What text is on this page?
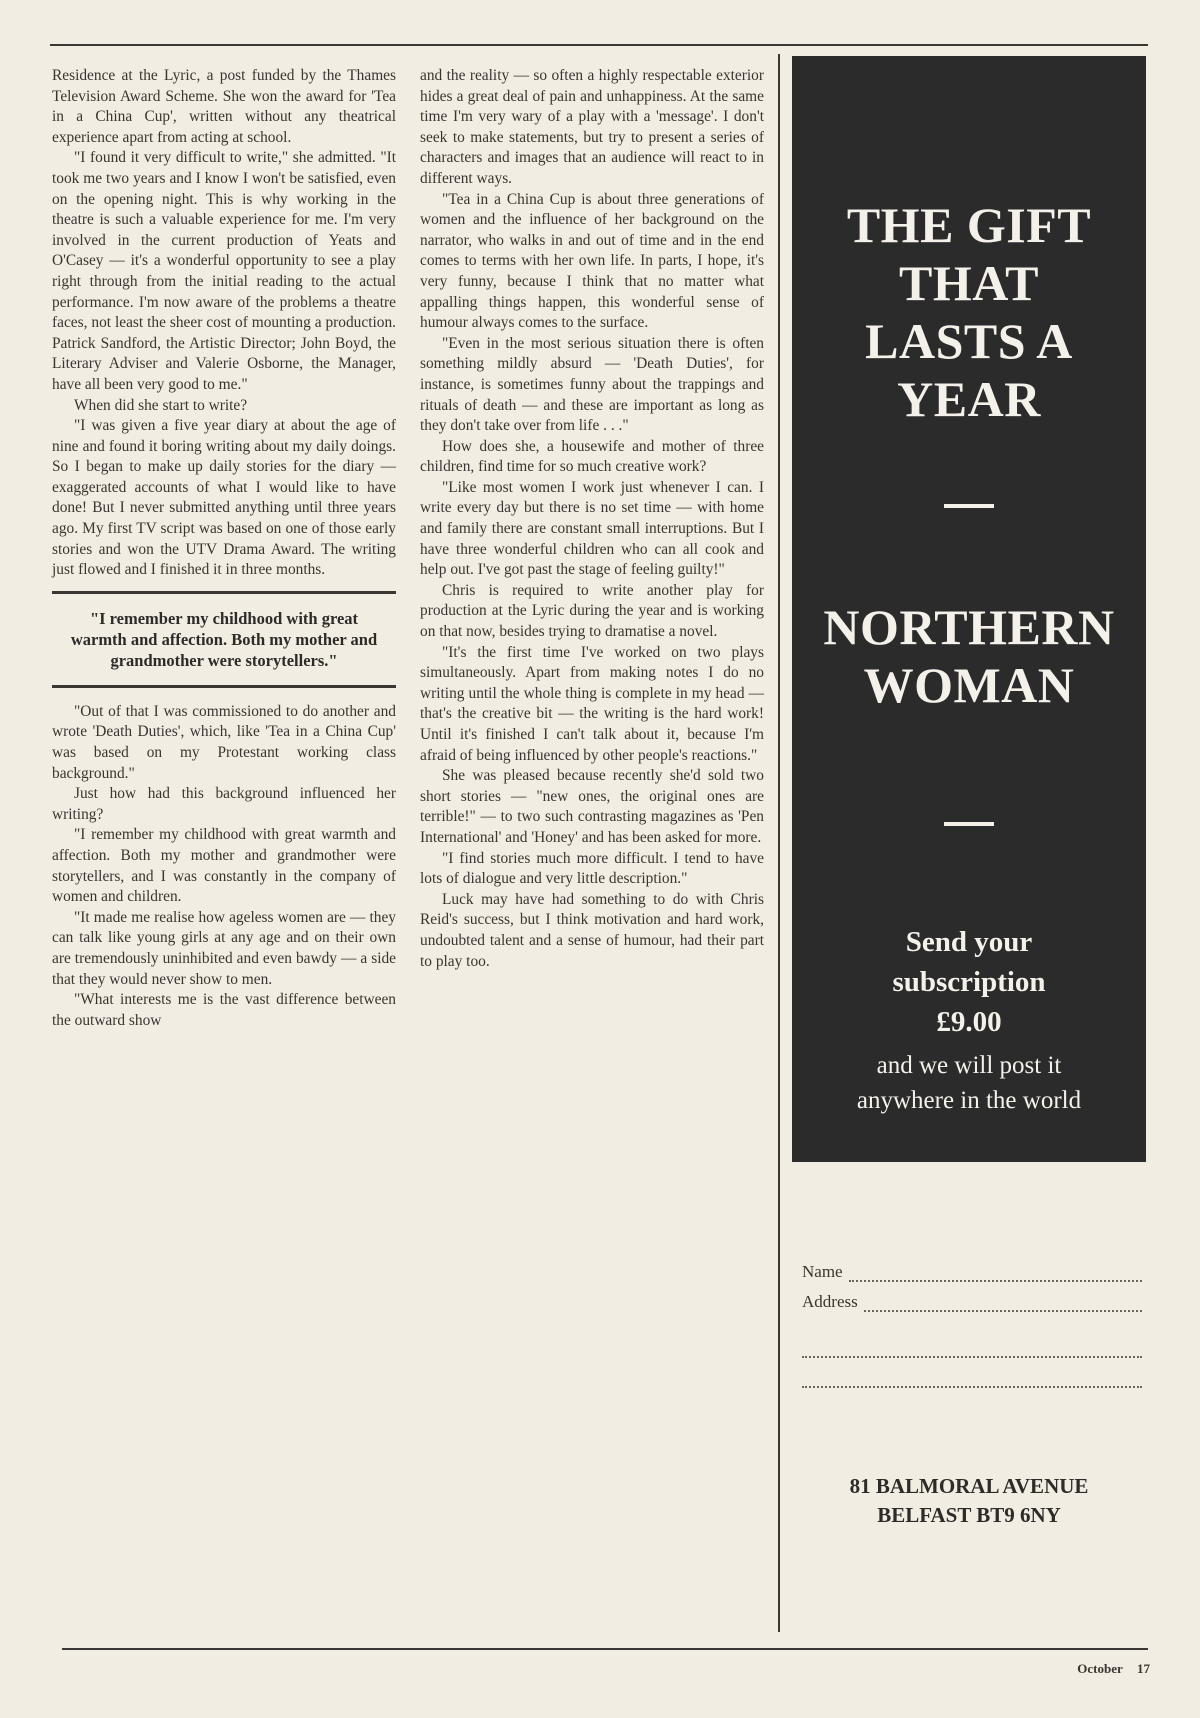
Residence at the Lyric, a post funded by the Thames Television Award Scheme. She won the award for 'Tea in a China Cup', written without any theatrical experience apart from acting at school.

"I found it very difficult to write," she admitted. "It took me two years and I know I won't be satisfied, even on the opening night. This is why working in the theatre is such a valuable experience for me. I'm very involved in the current production of Yeats and O'Casey — it's a wonderful opportunity to see a play right through from the initial reading to the actual performance. I'm now aware of the problems a theatre faces, not least the sheer cost of mounting a production. Patrick Sandford, the Artistic Director; John Boyd, the Literary Adviser and Valerie Osborne, the Manager, have all been very good to me."

When did she start to write?

"I was given a five year diary at about the age of nine and found it boring writing about my daily doings. So I began to make up daily stories for the diary — exaggerated accounts of what I would like to have done! But I never submitted anything until three years ago. My first TV script was based on one of those early stories and won the UTV Drama Award. The writing just flowed and I finished it in three months.

"I remember my childhood with great warmth and affection. Both my mother and grandmother were storytellers."

"Out of that I was commissioned to do another and wrote 'Death Duties', which, like 'Tea in a China Cup' was based on my Protestant working class background."

Just how had this background influenced her writing?

"I remember my childhood with great warmth and affection. Both my mother and grandmother were storytellers, and I was constantly in the company of women and children.

"It made me realise how ageless women are — they can talk like young girls at any age and on their own are tremendously uninhibited and even bawdy — a side that they would never show to men.

"What interests me is the vast difference between the outward show

and the reality — so often a highly respectable exterior hides a great deal of pain and unhappiness. At the same time I'm very wary of a play with a 'message'. I don't seek to make statements, but try to present a series of characters and images that an audience will react to in different ways.

"Tea in a China Cup is about three generations of women and the influence of her background on the narrator, who walks in and out of time and in the end comes to terms with her own life. In parts, I hope, it's very funny, because I think that no matter what appalling things happen, this wonderful sense of humour always comes to the surface.

"Even in the most serious situation there is often something mildly absurd — 'Death Duties', for instance, is sometimes funny about the trappings and rituals of death — and these are important as long as they don't take over from life . . ."

How does she, a housewife and mother of three children, find time for so much creative work?

"Like most women I work just whenever I can. I write every day but there is no set time — with home and family there are constant small interruptions. But I have three wonderful children who can all cook and help out. I've got past the stage of feeling guilty!"

Chris is required to write another play for production at the Lyric during the year and is working on that now, besides trying to dramatise a novel.

"It's the first time I've worked on two plays simultaneously. Apart from making notes I do no writing until the whole thing is complete in my head — that's the creative bit — the writing is the hard work! Until it's finished I can't talk about it, because I'm afraid of being influenced by other people's reactions."

She was pleased because recently she'd sold two short stories — "new ones, the original ones are terrible!" — to two such contrasting magazines as 'Pen International' and 'Honey' and has been asked for more.

"I find stories much more difficult. I tend to have lots of dialogue and very little description."

Luck may have had something to do with Chris Reid's success, but I think motivation and hard work, undoubted talent and a sense of humour, had their part to play too.

THE GIFT
THAT
LASTS A
YEAR
NORTHERN
WOMAN
Send your
subscription
£9.00
and we will post it
anywhere in the world
Name
Address
81 BALMORAL AVENUE
BELFAST BT9 6NY
October 17
